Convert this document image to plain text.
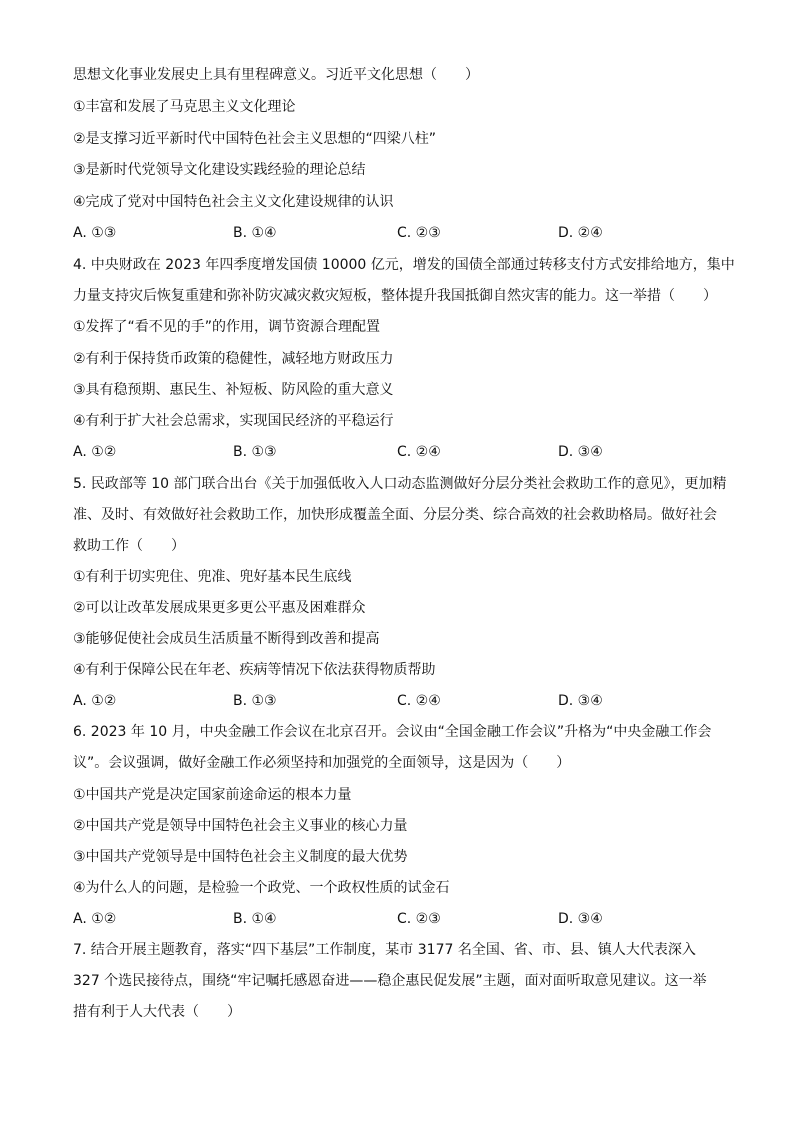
思想文化事业发展史上具有里程碑意义。习近平文化思想（　　）
①丰富和发展了马克思主义文化理论
②是支撑习近平新时代中国特色社会主义思想的“四梁八柱”
③是新时代党领导文化建设实践经验的理论总结
④完成了党对中国特色社会主义文化建设规律的认识
A. ①③	B. ①④	C. ②③	D. ②④
4. 中央财政在 2023 年四季度增发国债 10000 亿元，增发的国债全部通过转移支付方式安排给地方，集中
力量支持灾后恢复重建和弥补防灾减灾救灾短板，整体提升我国抵御自然灾害的能力。这一举措（　　）
①发挥了“看不见的手”的作用，调节资源合理配置
②有利于保持货币政策的稳健性，减轻地方财政压力
③具有稳预期、惠民生、补短板、防风险的重大意义
④有利于扩大社会总需求，实现国民经济的平稳运行
A. ①②	B. ①③	C. ②④	D. ③④
5. 民政部等 10 部门联合出台《关于加强低收入人口动态监测做好分层分类社会救助工作的意见》，更加精
准、及时、有效做好社会救助工作，加快形成覆盖全面、分层分类、综合高效的社会救助格局。做好社会
救助工作（　　）
①有利于切实兜住、兜准、兜好基本民生底线
②可以让改革发展成果更多更公平惠及困难群众
③能够促使社会成员生活质量不断得到改善和提高
④有利于保障公民在年老、疾病等情况下依法获得物质帮助
A. ①②	B. ①③	C. ②④	D. ③④
6. 2023 年 10 月，中央金融工作会议在北京召开。会议由“全国金融工作会议”升格为“中央金融工作会
议”。会议强调，做好金融工作必须坚持和加强党的全面领导，这是因为（　　）
①中国共产党是决定国家前途命运的根本力量
②中国共产党是领导中国特色社会主义事业的核心力量
③中国共产党领导是中国特色社会主义制度的最大优势
④为什么人的问题，是检验一个政党、一个政权性质的试金石
A. ①②	B. ①④	C. ②③	D. ③④
7. 结合开展主题教育，落实“四下基层”工作制度，某市 3177 名全国、省、市、县、镇人大代表深入
327 个选民接待点，围绕“牢记嘱托感恩奋进——稳企惠民促发展”主题，面对面听取意见建议。这一举
措有利于人大代表（　　）
